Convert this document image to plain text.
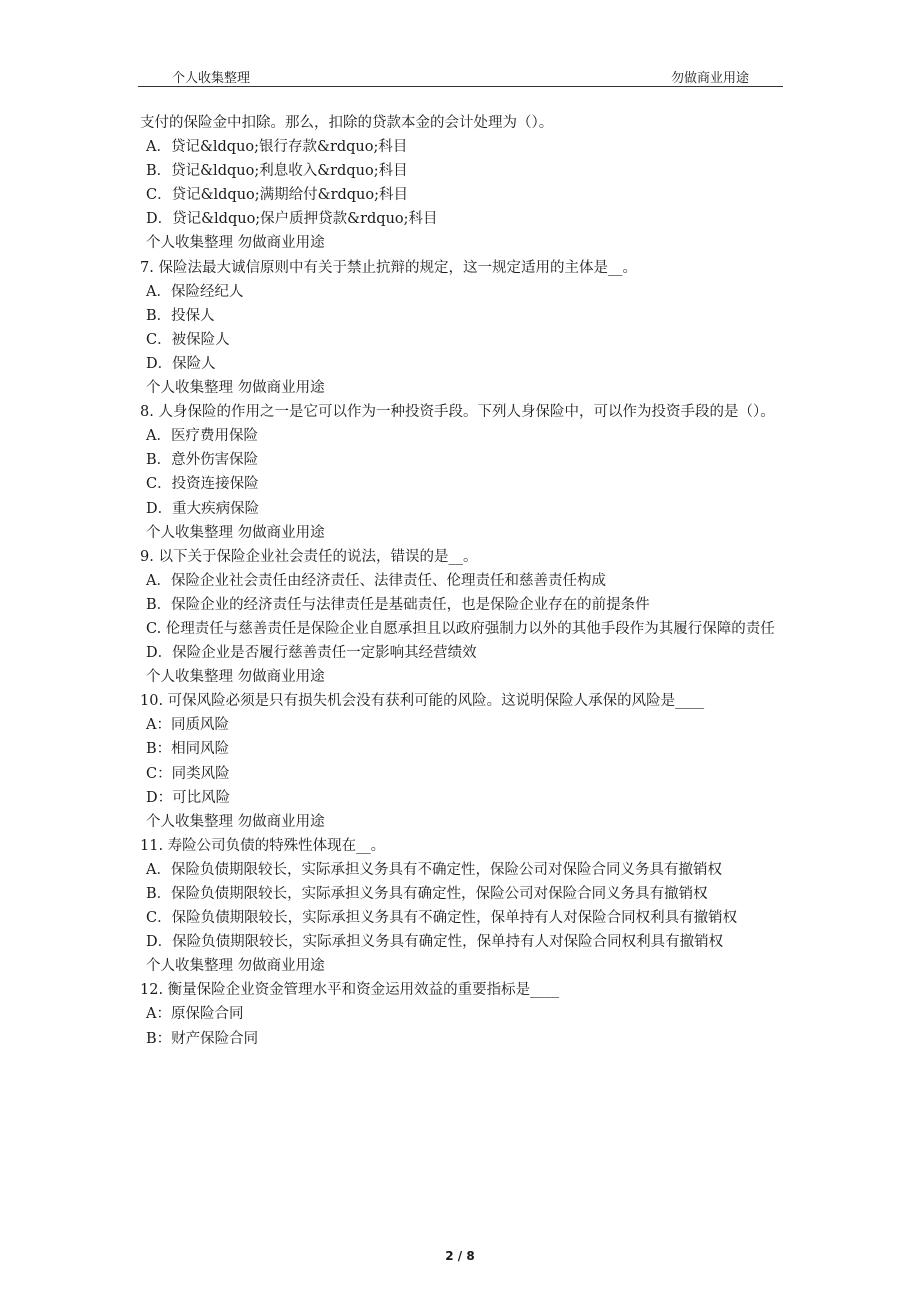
个人收集整理	勿做商业用途
支付的保险金中扣除。那么，扣除的贷款本金的会计处理为（）。
A．贷记&ldquo;银行存款&rdquo;科目
B．贷记&ldquo;利息收入&rdquo;科目
C．贷记&ldquo;满期给付&rdquo;科目
D．贷记&ldquo;保户质押贷款&rdquo;科目
个人收集整理 勿做商业用途
7. 保险法最大诚信原则中有关于禁止抗辩的规定，这一规定适用的主体是__。
A．保险经纪人
B．投保人
C．被保险人
D．保险人
个人收集整理 勿做商业用途
8. 人身保险的作用之一是它可以作为一种投资手段。下列人身保险中，可以作为投资手段的是（）。
A．医疗费用保险
B．意外伤害保险
C．投资连接保险
D．重大疾病保险
个人收集整理 勿做商业用途
9. 以下关于保险企业社会责任的说法，错误的是__。
A．保险企业社会责任由经济责任、法律责任、伦理责任和慈善责任构成
B．保险企业的经济责任与法律责任是基础责任，也是保险企业存在的前提条件
C. 伦理责任与慈善责任是保险企业自愿承担且以政府强制力以外的其他手段作为其履行保障的责任
D．保险企业是否履行慈善责任一定影响其经营绩效
个人收集整理 勿做商业用途
10. 可保风险必须是只有损失机会没有获利可能的风险。这说明保险人承保的风险是____
A：同质风险
B：相同风险
C：同类风险
D：可比风险
个人收集整理 勿做商业用途
11. 寿险公司负债的特殊性体现在__。
A．保险负债期限较长，实际承担义务具有不确定性，保险公司对保险合同义务具有撤销权
B．保险负债期限较长，实际承担义务具有确定性，保险公司对保险合同义务具有撤销权
C．保险负债期限较长，实际承担义务具有不确定性，保单持有人对保险合同权利具有撤销权
D．保险负债期限较长，实际承担义务具有确定性，保单持有人对保险合同权利具有撤销权
个人收集整理 勿做商业用途
12. 衡量保险企业资金管理水平和资金运用效益的重要指标是____
A：原保险合同
B：财产保险合同
2 / 8
